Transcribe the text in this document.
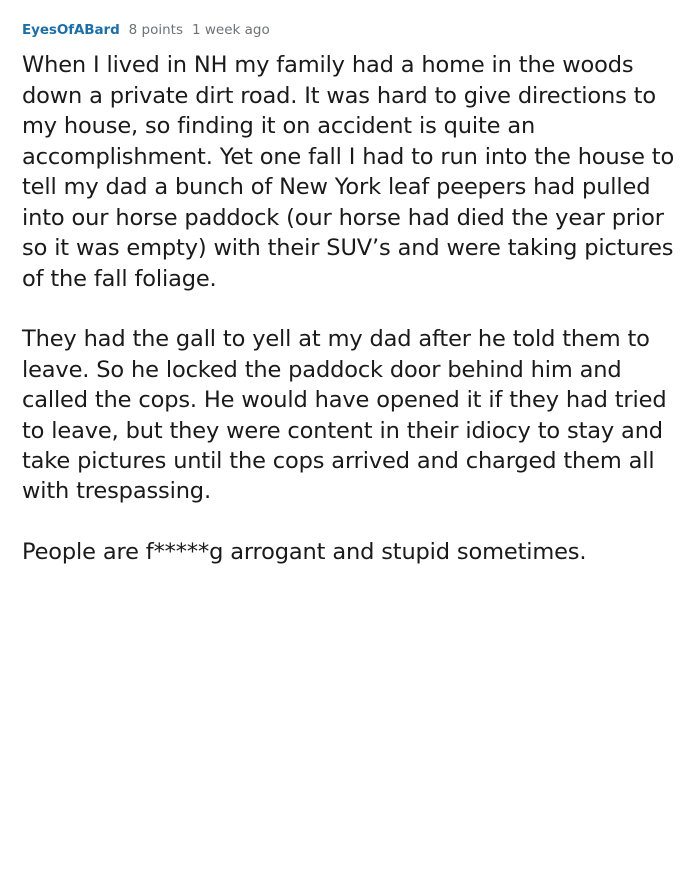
EyesOfABard 8 points 1 week ago

When I lived in NH my family had a home in the woods down a private dirt road. It was hard to give directions to my house, so finding it on accident is quite an accomplishment. Yet one fall I had to run into the house to tell my dad a bunch of New York leaf peepers had pulled into our horse paddock (our horse had died the year prior so it was empty) with their SUV’s and were taking pictures of the fall foliage.

They had the gall to yell at my dad after he told them to leave. So he locked the paddock door behind him and called the cops. He would have opened it if they had tried to leave, but they were content in their idiocy to stay and take pictures until the cops arrived and charged them all with trespassing.

People are f*****g arrogant and stupid sometimes.
